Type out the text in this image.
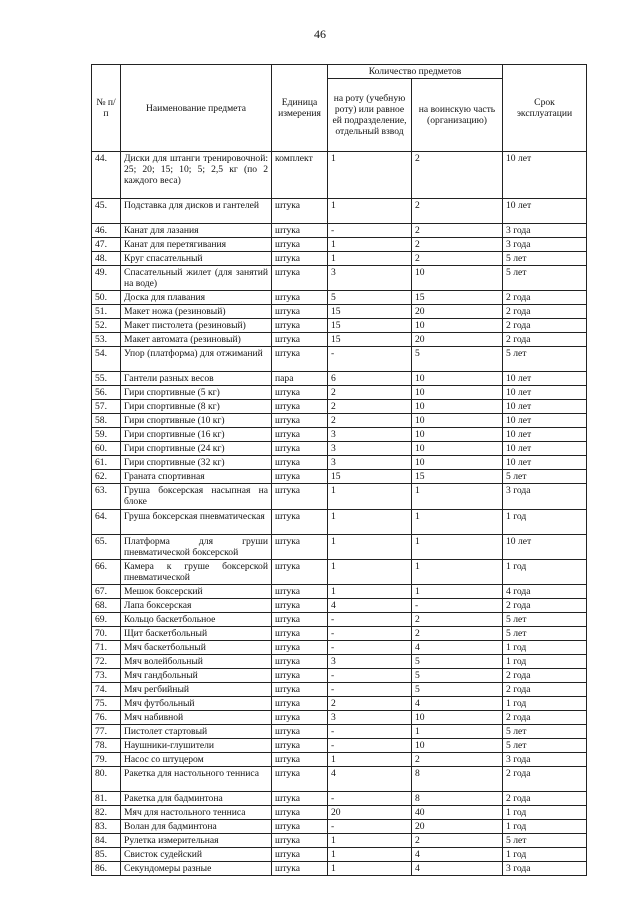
46
№ п/п	Наименование предмета	Единица измерения	Количество предметов		Срок эксплуатации
			на роту (учебную роту) или равное ей подразделение, отдельный взвод	на воинскую часть (организацию)	
44.	Диски для штанги тренировочной: 25; 20; 15; 10; 5; 2,5 кг (по 2 каждого веса)	комплект	1	2	10 лет
45.	Подставка для дисков и гантелей	штука	1	2	10 лет
46.	Канат для лазания	штука	-	2	3 года
47.	Канат для перетягивания	штука	1	2	3 года
48.	Круг спасательный	штука	1	2	5 лет
49.	Спасательный жилет (для занятий на воде)	штука	3	10	5 лет
50.	Доска для плавания	штука	5	15	2 года
51.	Макет ножа (резиновый)	штука	15	20	2 года
52.	Макет пистолета (резиновый)	штука	15	10	2 года
53.	Макет автомата (резиновый)	штука	15	20	2 года
54.	Упор (платформа) для отжиманий	штука	-	5	5 лет
55.	Гантели разных весов	пара	6	10	10 лет
56.	Гири спортивные (5 кг)	штука	2	10	10 лет
57.	Гири спортивные (8 кг)	штука	2	10	10 лет
58.	Гири спортивные (10 кг)	штука	2	10	10 лет
59.	Гири спортивные (16 кг)	штука	3	10	10 лет
60.	Гири спортивные (24 кг)	штука	3	10	10 лет
61.	Гири спортивные (32 кг)	штука	3	10	10 лет
62.	Граната спортивная	штука	15	15	5 лет
63.	Груша боксерская насыпная на блоке	штука	1	1	3 года
64.	Груша боксерская пневматическая	штука	1	1	1 год
65.	Платформа для груши пневматической боксерской	штука	1	1	10 лет
66.	Камера к груше боксерской пневматической	штука	1	1	1 год
67.	Мешок боксерский	штука	1	1	4 года
68.	Лапа боксерская	штука	4	-	2 года
69.	Кольцо баскетбольное	штука	-	2	5 лет
70.	Щит баскетбольный	штука	-	2	5 лет
71.	Мяч баскетбольный	штука	-	4	1 год
72.	Мяч волейбольный	штука	3	5	1 год
73.	Мяч гандбольный	штука	-	5	2 года
74.	Мяч регбийный	штука	-	5	2 года
75.	Мяч футбольный	штука	2	4	1 год
76.	Мяч набивной	штука	3	10	2 года
77.	Пистолет стартовый	штука	-	1	5 лет
78.	Наушники-глушители	штука	-	10	5 лет
79.	Насос со штуцером	штука	1	2	3 года
80.	Ракетка для настольного тенниса	штука	4	8	2 года
81.	Ракетка для бадминтона	штука	-	8	2 года
82.	Мяч для настольного тенниса	штука	20	40	1 год
83.	Волан для бадминтона	штука	-	20	1 год
84.	Рулетка измерительная	штука	1	2	5 лет
85.	Свисток судейский	штука	1	4	1 год
86.	Секундомеры разные	штука	1	4	3 года
